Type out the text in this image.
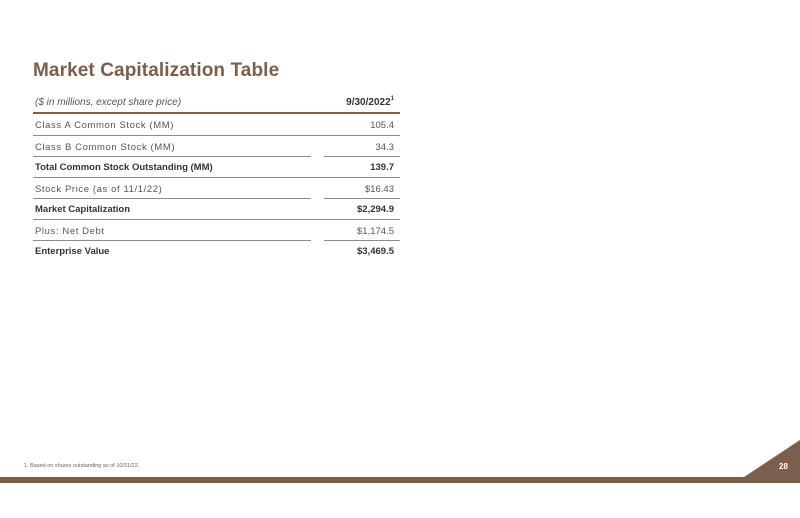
Market Capitalization Table
($ in millions, except share price)	9/30/2022$^1$
Class A Common Stock (MM)	105.4
Class B Common Stock (MM)	34.3
Total Common Stock Outstanding (MM)	139.7
Stock Price (as of 11/1/22)	$16.43
Market Capitalization	$2,294.9
Plus: Net Debt	$1,174.5
Enterprise Value	$3,469.5
1. Based on shares outstanding as of 10/31/22.	28
